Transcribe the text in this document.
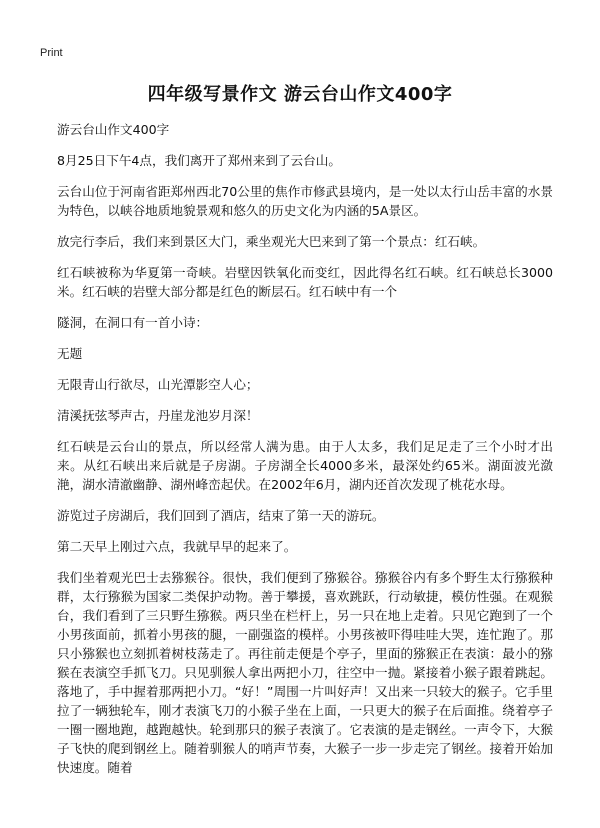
Print
四年级写景作文 游云台山作文400字

游云台山作文400字

8月25日下午4点，我们离开了郑州来到了云台山。

云台山位于河南省距郑州西北70公里的焦作市修武县境内，是一处以太行山岳丰富的水景为特色，以峡谷地质地貌景观和悠久的历史文化为内涵的5A景区。

放完行李后，我们来到景区大门，乘坐观光大巴来到了第一个景点：红石峡。

红石峡被称为华夏第一奇峡。岩壁因铁氧化而变红，因此得名红石峡。红石峡总长3000米。红石峡的岩壁大部分都是红色的断层石。红石峡中有一个

隧洞，在洞口有一首小诗：

无题

无限青山行欲尽，山光潭影空人心；

清溪抚弦琴声古，丹崖龙池岁月深！

红石峡是云台山的景点，所以经常人满为患。由于人太多，我们足足走了三个小时才出来。从红石峡出来后就是子房湖。子房湖全长4000多米，最深处约65米。湖面波光潋滟，湖水清澈幽静、湖州峰峦起伏。在2002年6月，湖内还首次发现了桃花水母。

游览过子房湖后，我们回到了酒店，结束了第一天的游玩。

第二天早上刚过六点，我就早早的起来了。

我们坐着观光巴士去猕猴谷。很快，我们便到了猕猴谷。猕猴谷内有多个野生太行猕猴种群，太行猕猴为国家二类保护动物。善于攀援，喜欢跳跃，行动敏捷，模仿性强。在观猴台，我们看到了三只野生猕猴。两只坐在栏杆上，另一只在地上走着。只见它跑到了一个小男孩面前，抓着小男孩的腿，一副强盗的模样。小男孩被吓得哇哇大哭，连忙跑了。那只小猕猴也立刻抓着树枝荡走了。再往前走便是个亭子，里面的猕猴正在表演：最小的猕猴在表演空手抓飞刀。只见驯猴人拿出两把小刀，往空中一抛。紧接着小猴子跟着跳起。落地了，手中握着那两把小刀。“好！”周围一片叫好声！又出来一只较大的猴子。它手里拉了一辆独轮车，刚才表演飞刀的小猴子坐在上面，一只更大的猴子在后面推。绕着亭子一圈一圈地跑，越跑越快。轮到那只的猴子表演了。它表演的是走钢丝。一声令下，大猴子飞快的爬到钢丝上。随着驯猴人的哨声节奏，大猴子一步一步走完了钢丝。接着开始加快速度。随着
